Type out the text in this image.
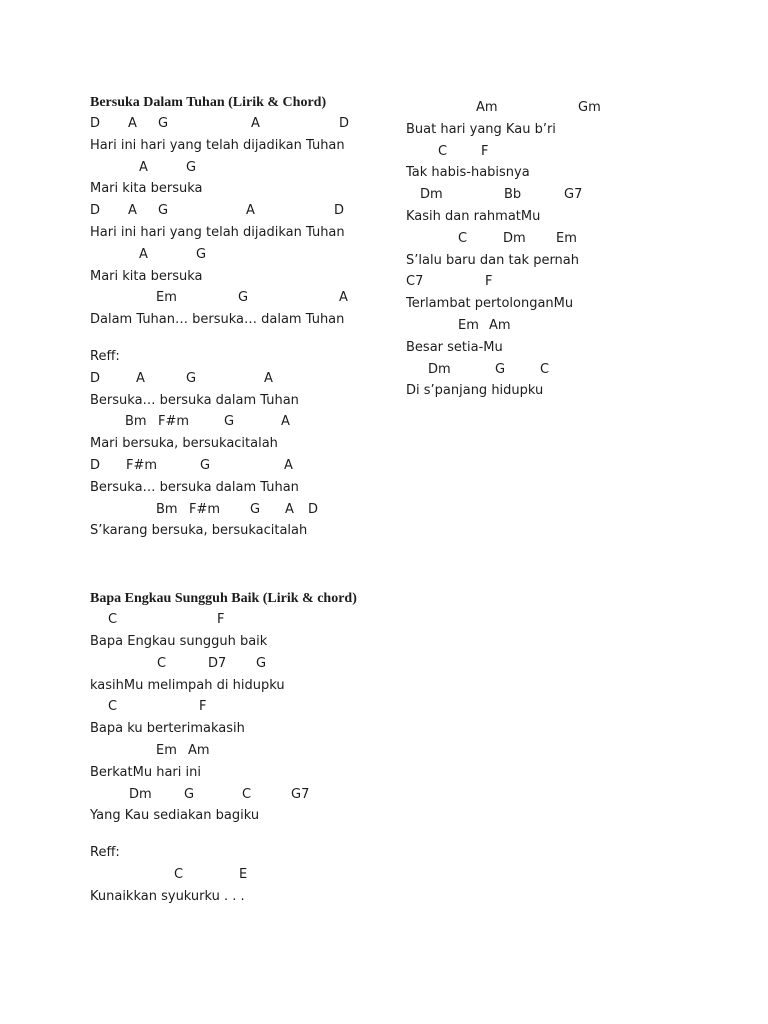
Bersuka Dalam Tuhan (Lirik & Chord)
D A G	A	D
Hari ini hari yang telah dijadikan Tuhan
A	G
Mari kita bersuka
D A G	A	D
Hari ini hari yang telah dijadikan Tuhan
A	G
Mari kita bersuka
Em	G	A
Dalam Tuhan… bersuka… dalam Tuhan
Reff:
D	A	G	A
Bersuka… bersuka dalam Tuhan
Bm F#m	G	A
Mari bersuka, bersukacitalah
D F#m	G	A
Bersuka… bersuka dalam Tuhan
Bm F#m G A D
S’karang bersuka, bersukacitalah
Bapa Engkau Sungguh Baik (Lirik & chord)
C	F
Bapa Engkau sungguh baik
C	D7 G
kasihMu melimpah di hidupku
C	F
Bapa ku berterimakasih
Em Am
BerkatMu hari ini
Dm G	C	G7
Yang Kau sediakan bagiku
Reff:
C	E
Kunaikkan syukurku . . .
Am	Gm
Buat hari yang Kau b’ri
C	F
Tak habis-habisnya
Dm	Bb	G7
Kasih dan rahmatMu
C	Dm Em
S’lalu baru dan tak pernah
C7	F
Terlambat pertolonganMu
Em Am
Besar setia-Mu
Dm	G	C
Di s’panjang hidupku
